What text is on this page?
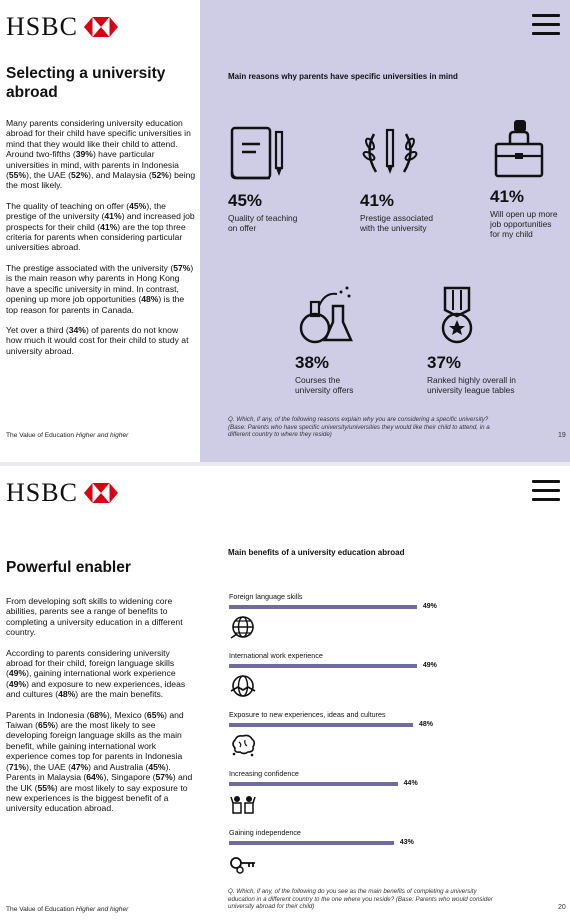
HSBC
Selecting a university
abroad

Many parents considering university education abroad for their child have specific universities in mind that they would like their child to attend. Around two-fifths (39%) have particular universities in mind, with parents in Indonesia (55%), the UAE (52%), and Malaysia (52%) being the most likely.

The quality of teaching on offer (45%), the prestige of the university (41%) and increased job prospects for their child (41%) are the top three criteria for parents when considering particular universities abroad.

The prestige associated with the university (57%) is the main reason why parents in Hong Kong have a specific university in mind. In contrast, opening up more job opportunities (48%) is the top reason for parents in Canada.

Yet over a third (34%) of parents do not know how much it would cost for their child to study at university abroad.

The Value of Education Higher and higher
Main reasons why parents have specific universities in mind
45%
Quality of teaching
on offer
41%
Prestige associated
with the university
41%
Will open up more
job opportunities
for my child
38%
Courses the
university offers
37%
Ranked highly overall in
university league tables
Q. Which, if any, of the following reasons explain why you are considering a specific university?
(Base: Parents who have specific university/universities they would like their child to attend, in a
different country to where they reside)	19
HSBC
Powerful enabler

From developing soft skills to widening core abilities, parents see a range of benefits to completing a university education in a different country.

According to parents considering university abroad for their child, foreign language skills (49%), gaining international work experience (49%) and exposure to new experiences, ideas and cultures (48%) are the main benefits.

Parents in Indonesia (68%), Mexico (65%) and Taiwan (65%) are the most likely to see developing foreign language skills as the main benefit, while gaining international work experience comes top for parents in Indonesia (71%), the UAE (47%) and Australia (45%). Parents in Malaysia (64%), Singapore (57%) and the UK (55%) are most likely to say exposure to new experiences is the biggest benefit of a university education abroad.

The Value of Education Higher and higher
Main benefits of a university education abroad
Q. Which, if any, of the following do you see as the main benefits of completing a university
education in a different country to the one where you reside? (Base: Parents who would consider
university abroad for their child)	20
Foreign language skills
49%
International work experience
49%
Exposure to new experiences, ideas and cultures
48%
Increasing confidence
44%
Gaining independence
43%
